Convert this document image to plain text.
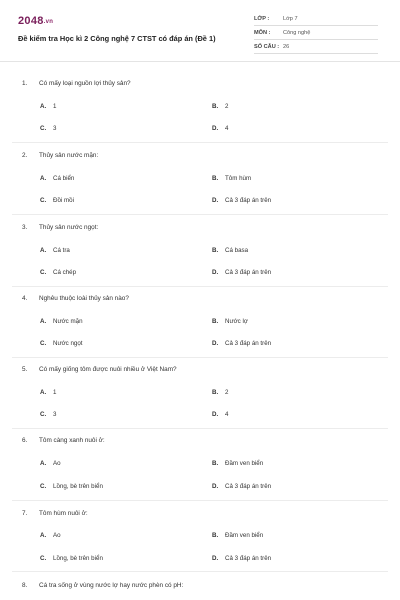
2048.vn
Đề kiểm tra Học kì 2 Công nghệ 7 CTST có đáp án (Đề 1)
LỚP : Lớp 7
MÔN : Công nghệ
SỐ CÂU : 26
1. Có mấy loại nguồn lợi thủy sản?
A. 1	B. 2
C. 3	D. 4
2. Thủy sản nước mặn:
A. Cá biển	B. Tôm hùm
C. Đồi mồi	D. Cả 3 đáp án trên
3. Thủy sản nước ngọt:
A. Cá tra	B. Cá basa
C. Cá chép	D. Cả 3 đáp án trên
4. Nghêu thuộc loài thủy sản nào?
A. Nước mặn	B. Nước lợ
C. Nước ngọt	D. Cả 3 đáp án trên
5. Có mấy giống tôm được nuôi nhiều ở Việt Nam?
A. 1	B. 2
C. 3	D. 4
6. Tôm càng xanh nuôi ở:
A. Ao	B. Đầm ven biển
C. Lồng, bè trên biển	D. Cả 3 đáp án trên
7. Tôm hùm nuôi ở:
A. Ao	B. Đầm ven biển
C. Lồng, bè trên biển	D. Cả 3 đáp án trên
8. Cá tra sống ở vùng nước lợ hay nước phèn có pH:
